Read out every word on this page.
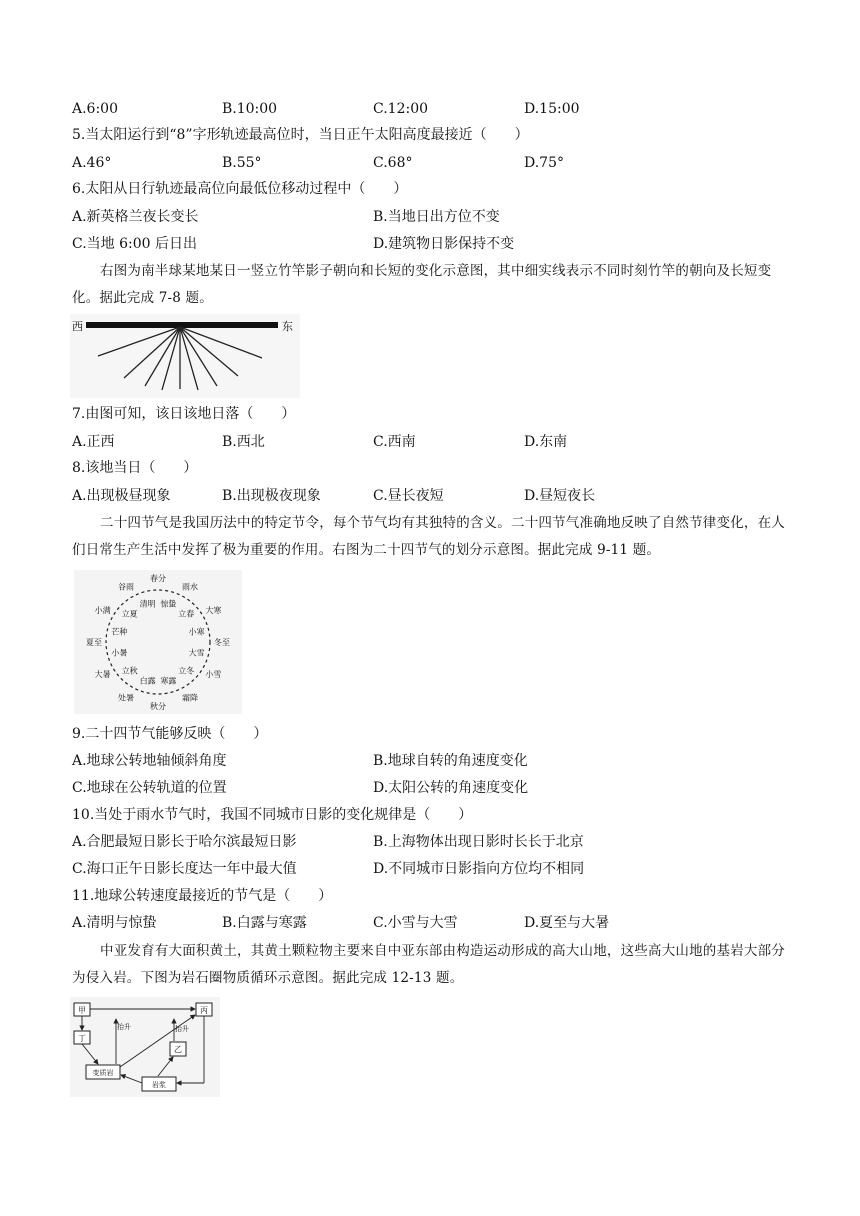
A.6:00	B.10:00	C.12:00	D.15:00
5.当太阳运行到“8”字形轨迹最高位时，当日正午太阳高度最接近（　　）
A.46°	B.55°	C.68°	D.75°
6.太阳从日行轨迹最高位向最低位移动过程中（　　）
A.新英格兰夜长变长	B.当地日出方位不变
C.当地 6:00 后日出	D.建筑物日影保持不变
右图为南半球某地某日一竖立竹竿影子朝向和长短的变化示意图，其中细实线表示不同时刻竹竿的朝向及长短变化。据此完成 7-8 题。
西	东
7.由图可知，该日该地日落（　　）
A.正西	B.西北	C.西南	D.东南
8.该地当日（　　）
A.出现极昼现象	B.出现极夜现象	C.昼长夜短	D.昼短夜长
二十四节气是我国历法中的特定节令，每个节气均有其独特的含义。二十四节气准确地反映了自然节律变化，在人们日常生产生活中发挥了极为重要的作用。右图为二十四节气的划分示意图。据此完成 9-11 题。
春分
雨水
大寒
冬至
小雪
霜降
秋分
处暑
大暑
夏至
小满
谷雨
惊蛰
立春
小寒
大雪
立冬
寒露
白露
立秋
小暑
芒种
立夏
清明
9.二十四节气能够反映（　　）
A.地球公转地轴倾斜角度	B.地球自转的角速度变化
C.地球在公转轨道的位置	D.太阳公转的角速度变化
10.当处于雨水节气时，我国不同城市日影的变化规律是（　　）
A.合肥最短日影长于哈尔滨最短日影	B.上海物体出现日影时长长于北京
C.海口正午日影长度达一年中最大值	D.不同城市日影指向方位均不相同
11.地球公转速度最接近的节气是（　　）
A.清明与惊蛰	B.白露与寒露	C.小雪与大雪	D.夏至与大暑
中亚发育有大面积黄土，其黄土颗粒物主要来自中亚东部由构造运动形成的高大山地，这些高大山地的基岩大部分为侵入岩。下图为岩石圈物质循环示意图。据此完成 12-13 题。
甲
丁
丙
乙
变质岩
岩浆
抬升	抬升
